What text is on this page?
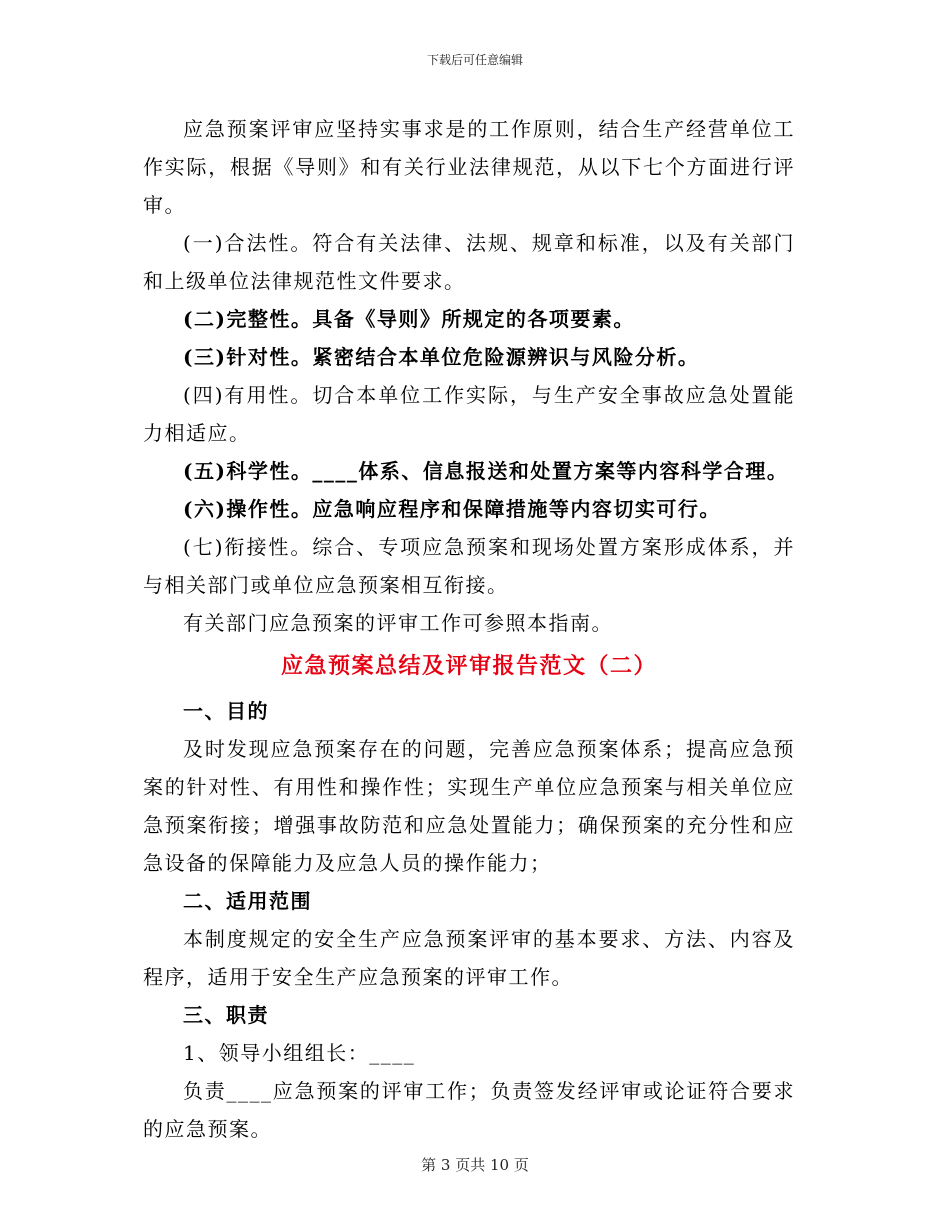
下载后可任意编辑

应急预案评审应坚持实事求是的工作原则，结合生产经营单位工作实际，根据《导则》和有关行业法律规范，从以下七个方面进行评审。

(一)合法性。符合有关法律、法规、规章和标准，以及有关部门和上级单位法律规范性文件要求。

(二)完整性。具备《导则》所规定的各项要素。

(三)针对性。紧密结合本单位危险源辨识与风险分析。

(四)有用性。切合本单位工作实际，与生产安全事故应急处置能力相适应。

(五)科学性。____体系、信息报送和处置方案等内容科学合理。

(六)操作性。应急响应程序和保障措施等内容切实可行。

(七)衔接性。综合、专项应急预案和现场处置方案形成体系，并与相关部门或单位应急预案相互衔接。

有关部门应急预案的评审工作可参照本指南。

应急预案总结及评审报告范文（二）

一、目的

及时发现应急预案存在的问题，完善应急预案体系；提高应急预案的针对性、有用性和操作性；实现生产单位应急预案与相关单位应急预案衔接；增强事故防范和应急处置能力；确保预案的充分性和应急设备的保障能力及应急人员的操作能力；

二、适用范围

本制度规定的安全生产应急预案评审的基本要求、方法、内容及程序，适用于安全生产应急预案的评审工作。

三、职责

1、领导小组组长：____

负责____应急预案的评审工作；负责签发经评审或论证符合要求的应急预案。

第 3 页共 10 页
